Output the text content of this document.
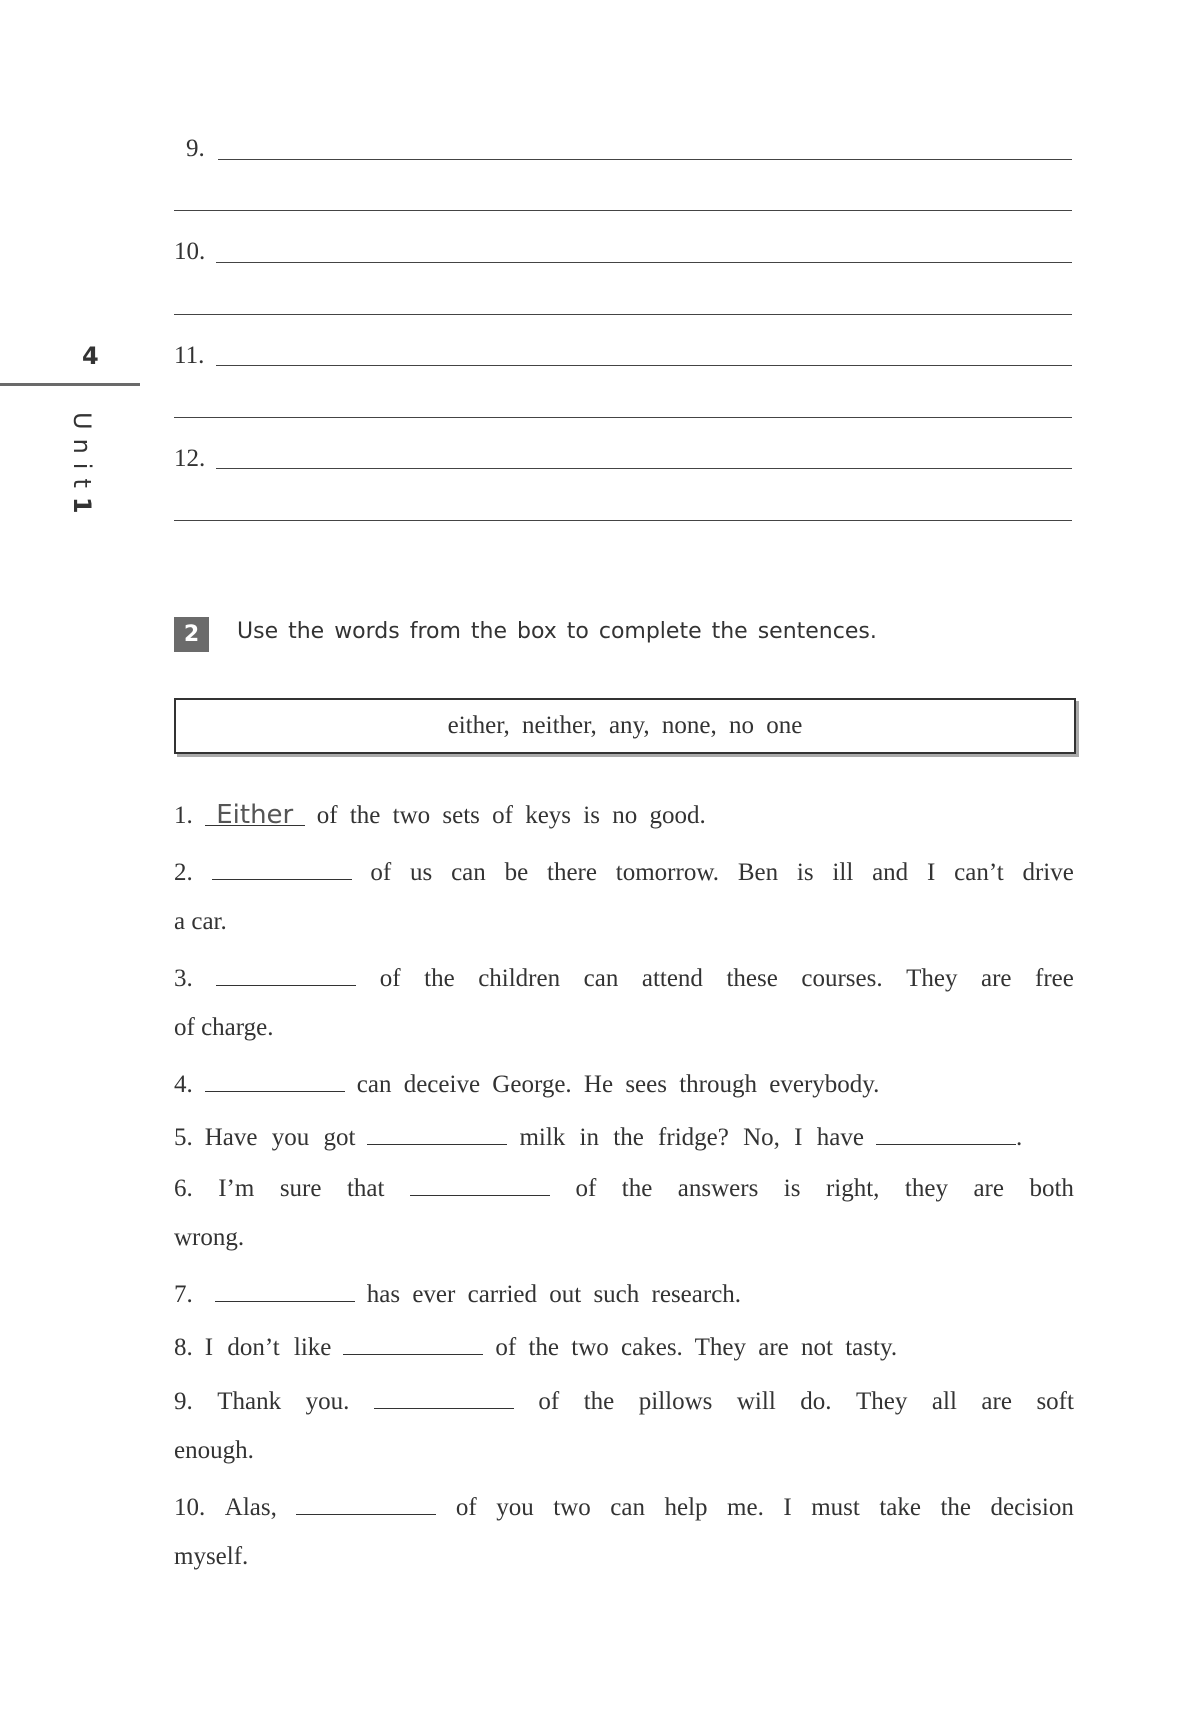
4
Unit1
9.
10.
11.
12.
2	Use the words from the box to complete the sentences.
either, neither, any, none, no one
1. Either of the two sets of keys is no good.
2.	of us can be there tomorrow. Ben is ill and I can’t drive
a car.
3.	of the children can attend these courses. They are free
of charge.
4.	can deceive George. He sees through everybody.
5. Have you got	milk in the fridge? No, I have	.
6. I’m sure that	of the answers is right, they are both
wrong.
7.	has ever carried out such research.
8. I don’t like	of the two cakes. They are not tasty.
9. Thank you.	of the pillows will do. They all are soft
enough.
10. Alas,	of you two can help me. I must take the decision
myself.
